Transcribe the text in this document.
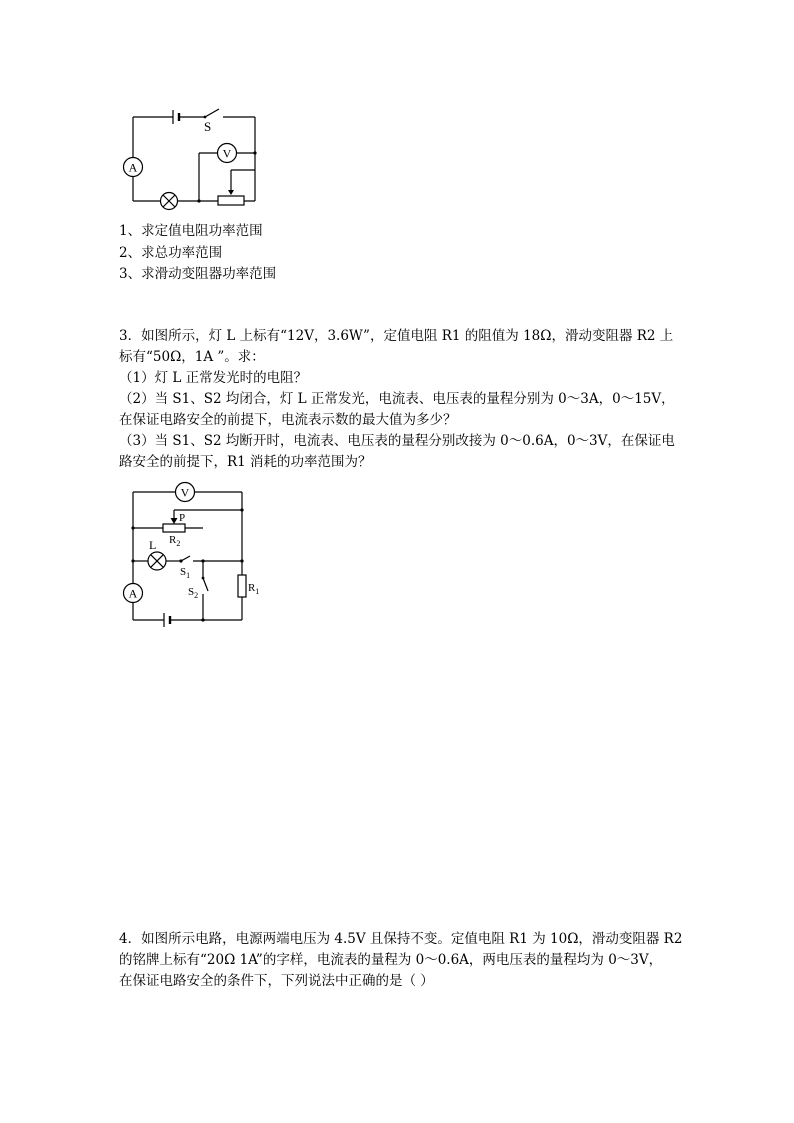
S
A
V
1、求定值电阻功率范围
2、求总功率范围
3、求滑动变阻器功率范围
3．如图所示，灯 L 上标有“12V，3.6W”，定值电阻 R1 的阻值为 18Ω，滑动变阻器 R2 上
标有“50Ω，1A ”。求：
（1）灯 L 正常发光时的电阻？
（2）当 S1、S2 均闭合，灯 L 正常发光，电流表、电压表的量程分别为 0～3A，0～15V，
在保证电路安全的前提下，电流表示数的最大值为多少？
（3）当 S1、S2 均断开时，电流表、电压表的量程分别改接为 0～0.6A，0～3V，在保证电
路安全的前提下，R1 消耗的功率范围为？
V
P
$R_2$
L
$S_1$
$S_2$
$R_1$
A
4．如图所示电路，电源两端电压为 4.5V 且保持不变。定值电阻 R1 为 10Ω，滑动变阻器 R2
的铭牌上标有“20Ω 1A”的字样，电流表的量程为 0～0.6A，两电压表的量程均为 0～3V，
在保证电路安全的条件下，下列说法中正确的是（ ）
